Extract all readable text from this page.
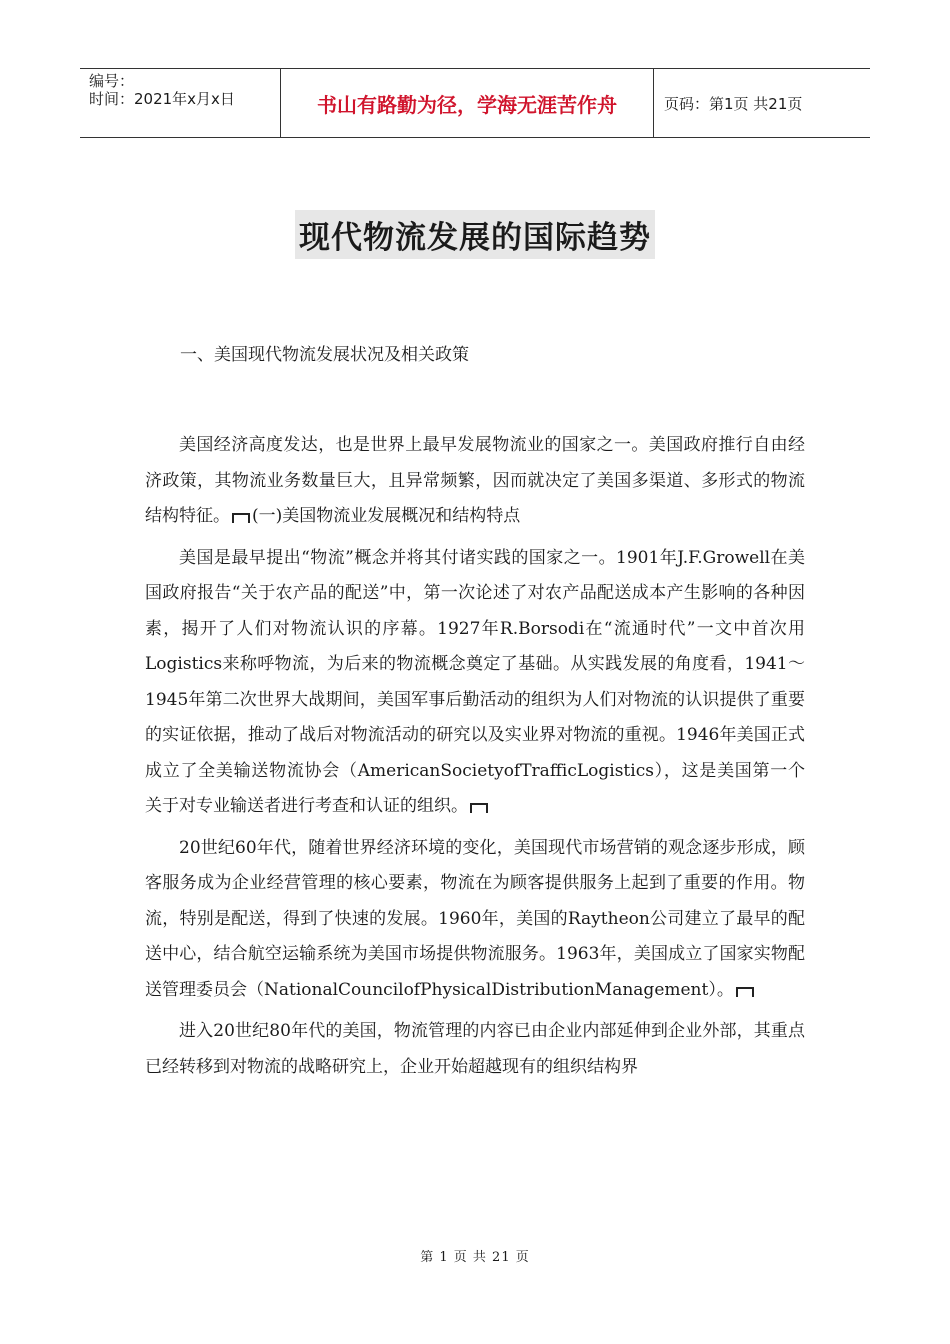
编号：
时间：2021年x月x日	书山有路勤为径，学海无涯苦作舟	页码：第1页 共21页
现代物流发展的国际趋势
一、美国现代物流发展状况及相关政策

美国经济高度发达，也是世界上最早发展物流业的国家之一。美国政府推行自由经济政策，其物流业务数量巨大，且异常频繁，因而就决定了美国多渠道、多形式的物流结构特征。 (一)美国物流业发展概况和结构特点

美国是最早提出“物流”概念并将其付诸实践的国家之一。1901年J.F.Growell在美国政府报告“关于农产品的配送”中，第一次论述了对农产品配送成本产生影响的各种因素，揭开了人们对物流认识的序幕。1927年R.Borsodi在“流通时代”一文中首次用Logistics来称呼物流，为后来的物流概念奠定了基础。从实践发展的角度看，1941～1945年第二次世界大战期间，美国军事后勤活动的组织为人们对物流的认识提供了重要的实证依据，推动了战后对物流活动的研究以及实业界对物流的重视。1946年美国正式成立了全美输送物流协会（AmericanSocietyofTrafficLogistics），这是美国第一个关于对专业输送者进行考查和认证的组织。

20世纪60年代，随着世界经济环境的变化，美国现代市场营销的观念逐步形成，顾客服务成为企业经营管理的核心要素，物流在为顾客提供服务上起到了重要的作用。物流，特别是配送，得到了快速的发展。1960年，美国的Raytheon公司建立了最早的配送中心，结合航空运输系统为美国市场提供物流服务。1963年，美国成立了国家实物配送管理委员会（NationalCouncilofPhysicalDistributionManagement）。

进入20世纪80年代的美国，物流管理的内容已由企业内部延伸到企业外部，其重点已经转移到对物流的战略研究上，企业开始超越现有的组织结构界

第 1 页 共 21 页
